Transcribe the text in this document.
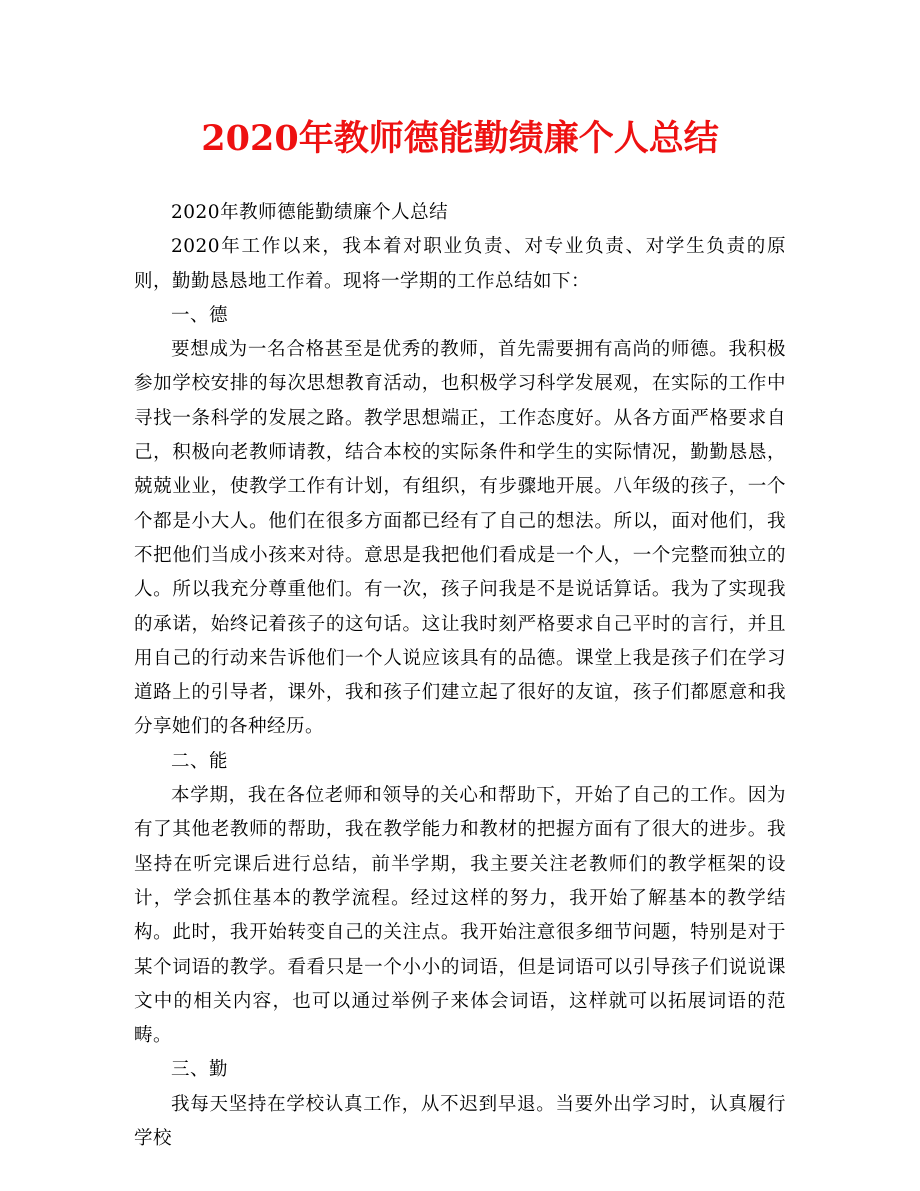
2020年教师德能勤绩廉个人总结

2020年教师德能勤绩廉个人总结

2020年工作以来，我本着对职业负责、对专业负责、对学生负责的原则，勤勤恳恳地工作着。现将一学期的工作总结如下：

一、德

要想成为一名合格甚至是优秀的教师，首先需要拥有高尚的师德。我积极参加学校安排的每次思想教育活动，也积极学习科学发展观，在实际的工作中寻找一条科学的发展之路。教学思想端正，工作态度好。从各方面严格要求自己，积极向老教师请教，结合本校的实际条件和学生的实际情况，勤勤恳恳，兢兢业业，使教学工作有计划，有组织，有步骤地开展。八年级的孩子，一个个都是小大人。他们在很多方面都已经有了自己的想法。所以，面对他们，我不把他们当成小孩来对待。意思是我把他们看成是一个人，一个完整而独立的人。所以我充分尊重他们。有一次，孩子问我是不是说话算话。我为了实现我的承诺，始终记着孩子的这句话。这让我时刻严格要求自己平时的言行，并且用自己的行动来告诉他们一个人说应该具有的品德。课堂上我是孩子们在学习道路上的引导者，课外，我和孩子们建立起了很好的友谊，孩子们都愿意和我分享她们的各种经历。

二、能

本学期，我在各位老师和领导的关心和帮助下，开始了自己的工作。因为有了其他老教师的帮助，我在教学能力和教材的把握方面有了很大的进步。我坚持在听完课后进行总结，前半学期，我主要关注老教师们的教学框架的设计，学会抓住基本的教学流程。经过这样的努力，我开始了解基本的教学结构。此时，我开始转变自己的关注点。我开始注意很多细节问题，特别是对于某个词语的教学。看看只是一个小小的词语，但是词语可以引导孩子们说说课文中的相关内容，也可以通过举例子来体会词语，这样就可以拓展词语的范畴。

三、勤

我每天坚持在学校认真工作，从不迟到早退。当要外出学习时，认真履行学校
